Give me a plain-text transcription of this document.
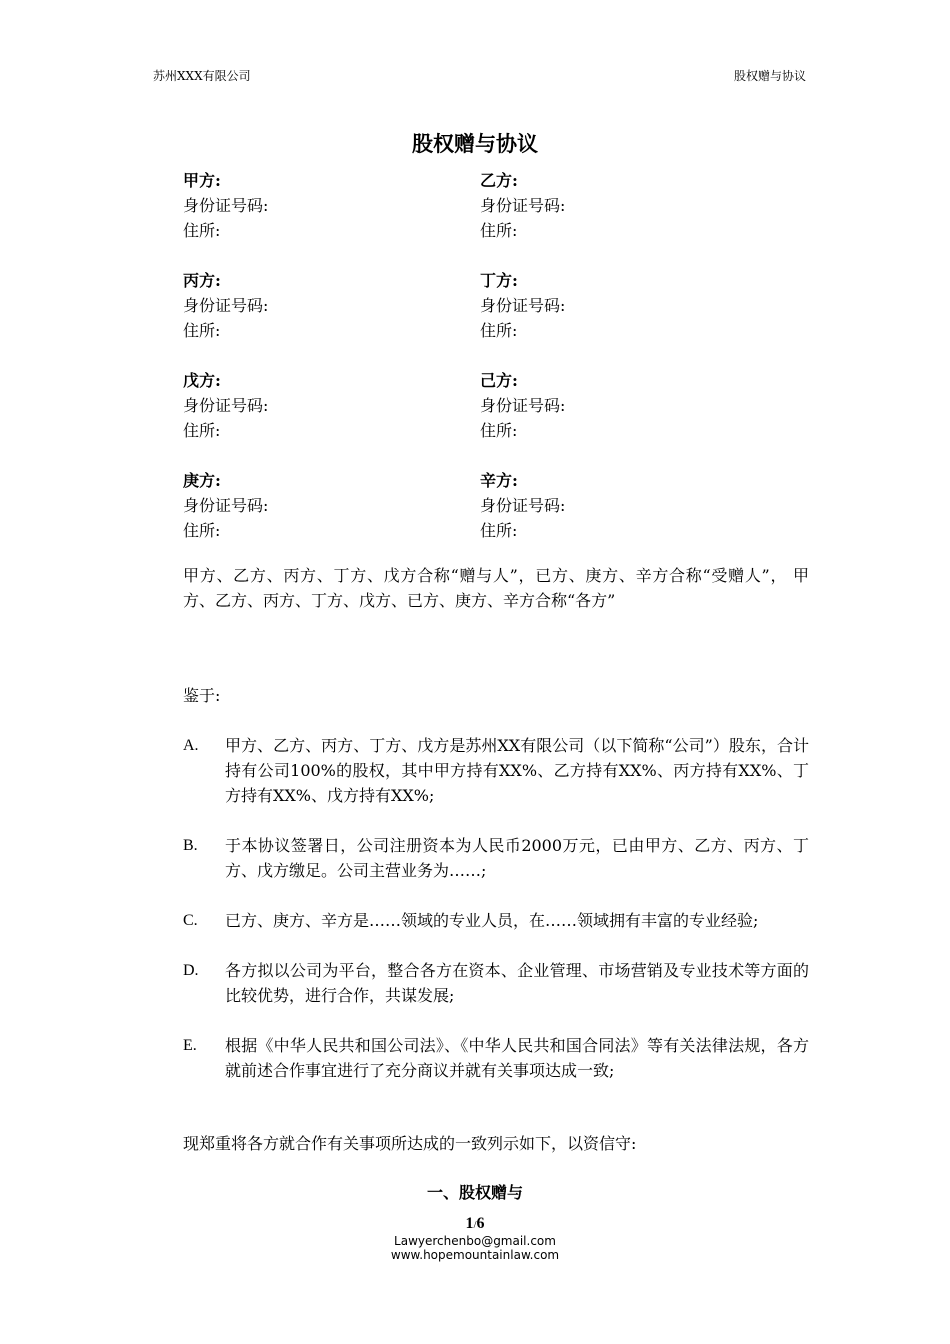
苏州XXX有限公司	股权赠与协议
股权赠与协议
甲方:
身份证号码:
住所:
乙方:
身份证号码:
住所:
丙方:
身份证号码:
住所:
丁方:
身份证号码:
住所:
戊方:
身份证号码:
住所:
己方:
身份证号码:
住所:
庚方:
身份证号码:
住所:
辛方:
身份证号码:
住所:
甲方、乙方、丙方、丁方、戊方合称“赠与人”，已方、庚方、辛方合称“受赠人”， 甲方、乙方、丙方、丁方、戊方、已方、庚方、辛方合称“各方”
鉴于:
A.	甲方、乙方、丙方、丁方、戊方是苏州XX有限公司（以下简称“公司”）股东，合计持有公司100%的股权，其中甲方持有XX%、乙方持有XX%、丙方持有XX%、丁方持有XX%、戊方持有XX%;
B.	于本协议签署日，公司注册资本为人民币2000万元，已由甲方、乙方、丙方、丁方、戊方缴足。公司主营业务为……;
C.	已方、庚方、辛方是……领域的专业人员，在……领域拥有丰富的专业经验;
D.	各方拟以公司为平台，整合各方在资本、企业管理、市场营销及专业技术等方面的比较优势，进行合作，共谋发展;
E.	根据《中华人民共和国公司法》、《中华人民共和国合同法》等有关法律法规，各方就前述合作事宜进行了充分商议并就有关事项达成一致;
现郑重将各方就合作有关事项所达成的一致列示如下，以资信守:
一、股权赠与
1/6
Lawyerchenbo@gmail.com
www.hopemountainlaw.com
